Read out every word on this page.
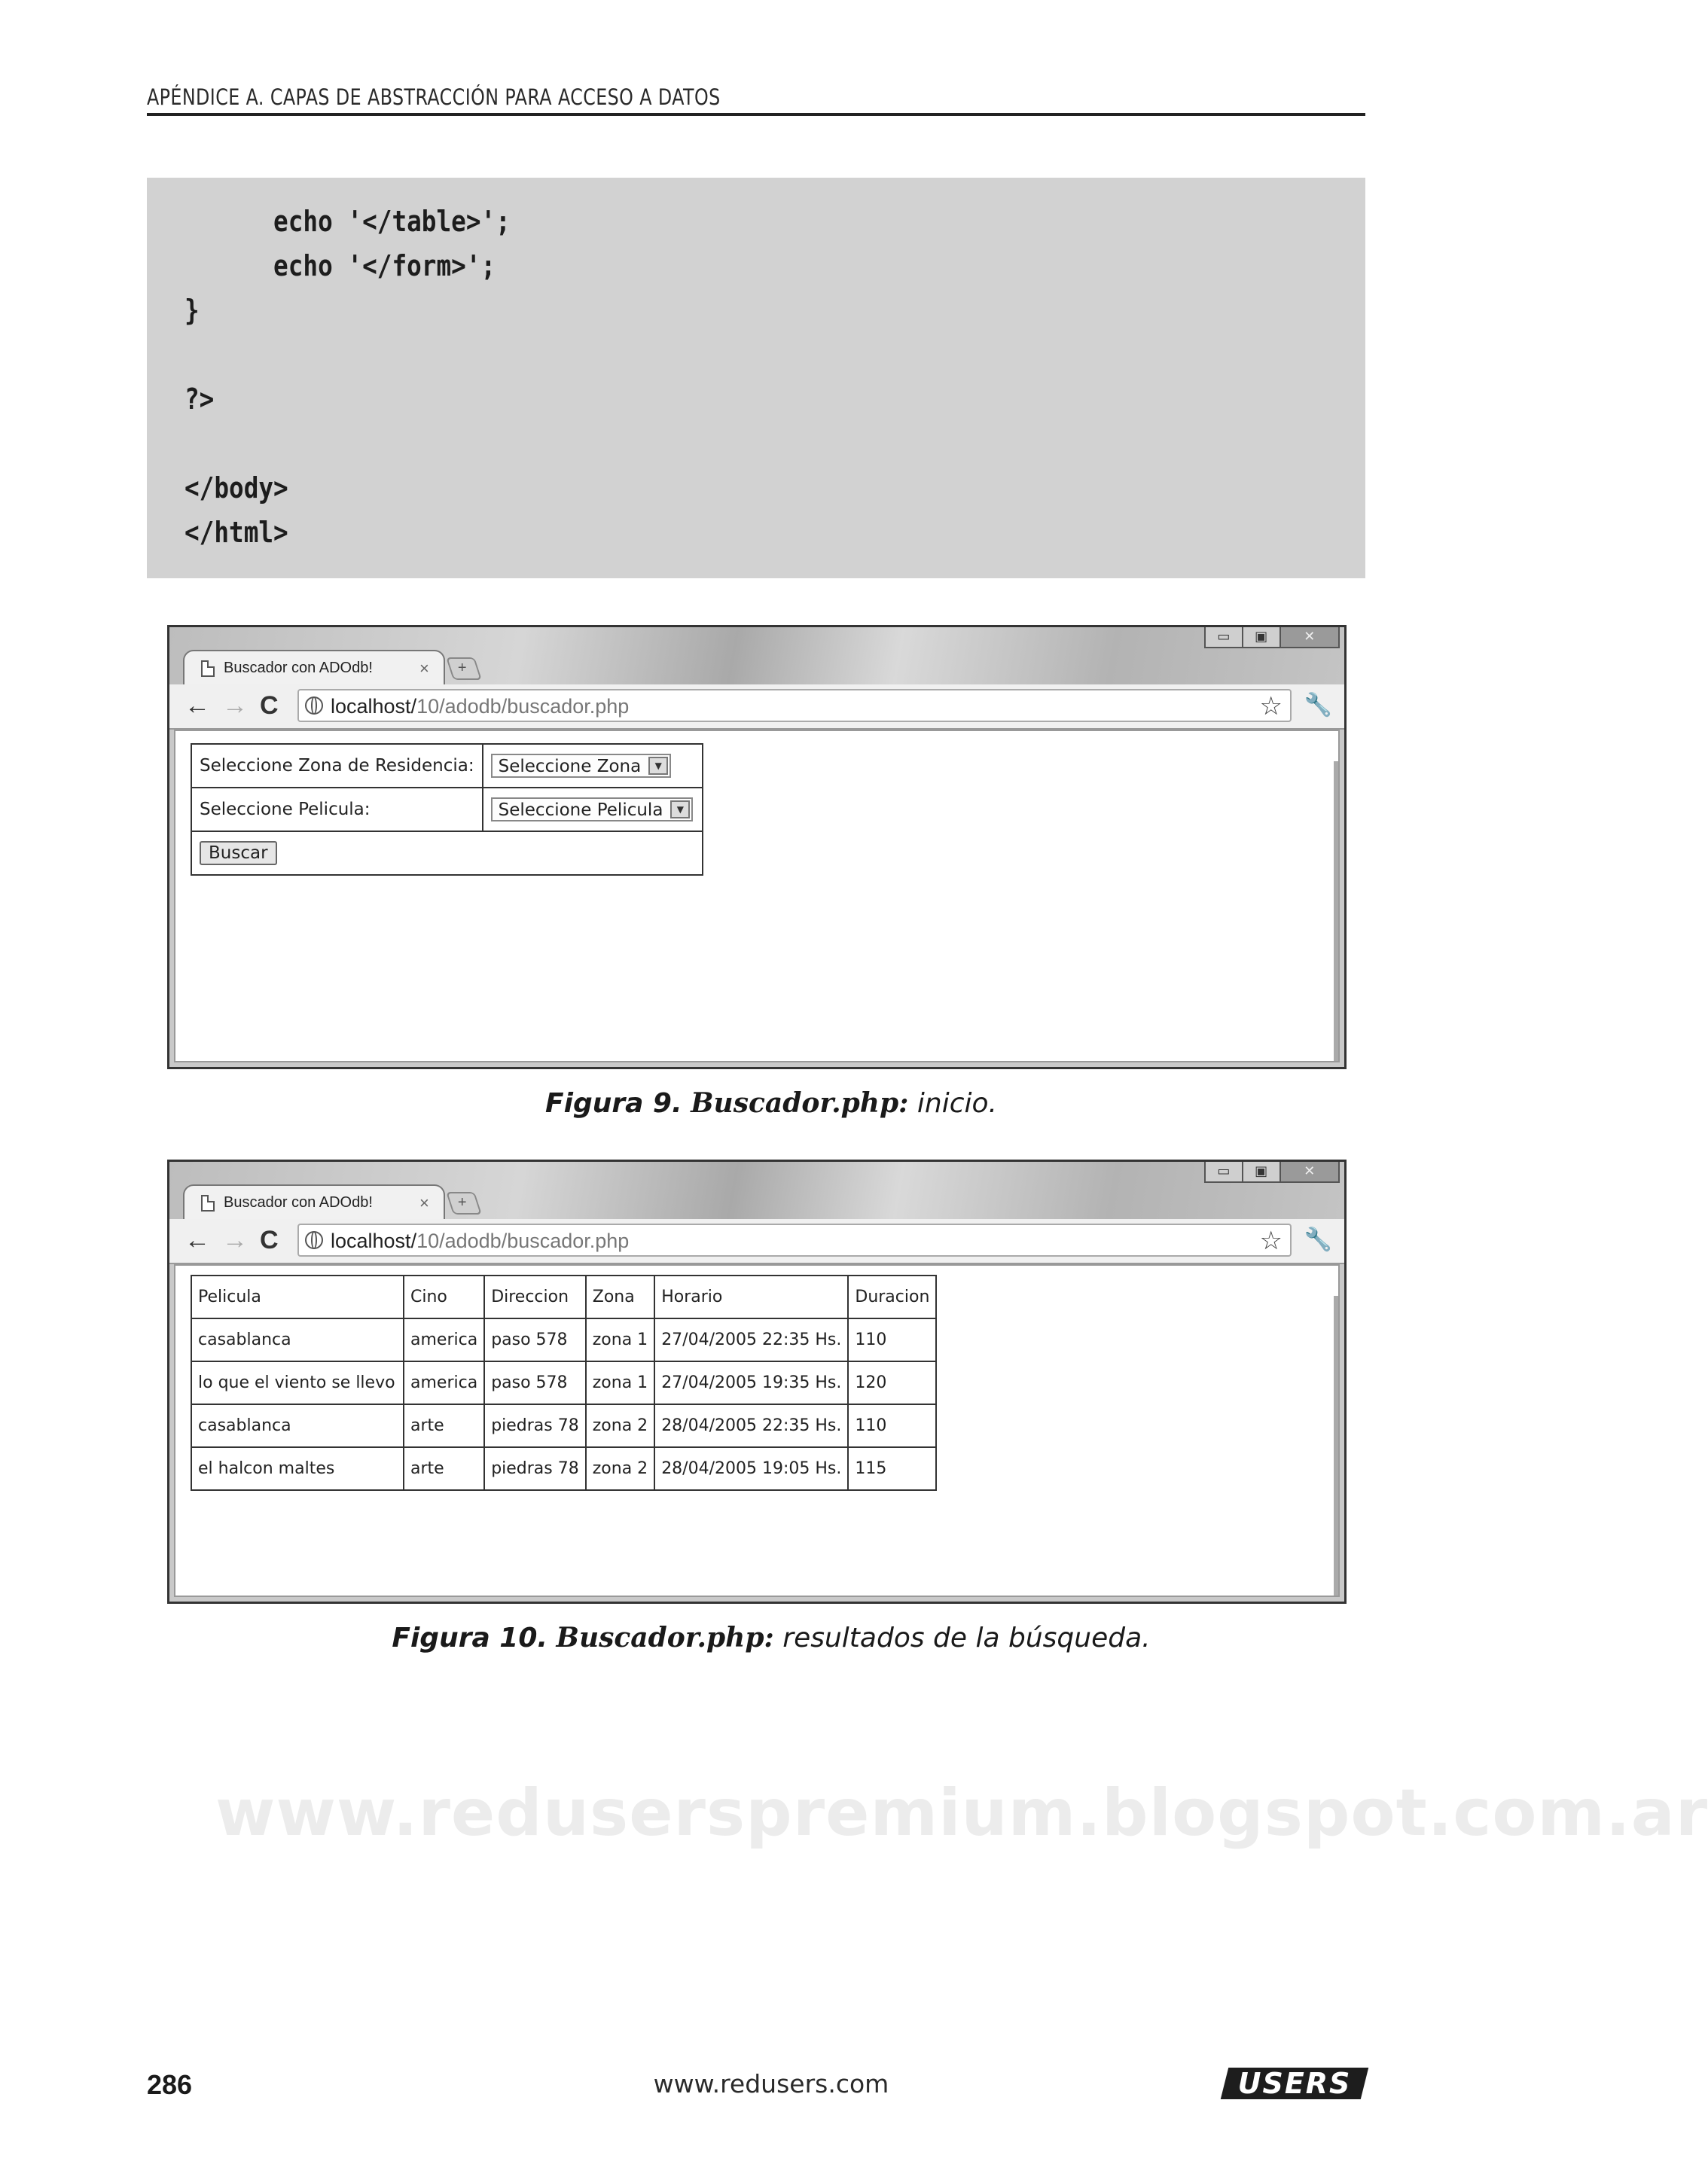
APÉNDICE A. CAPAS DE ABSTRACCIÓN PARA ACCESO A DATOS
echo '</table>';
echo '</form>';
}
?>
</body>
</html>
Buscador con ADOdb!	× +
▭	▣	✕
← → C	localhost/10/adodb/buscador.php	☆ 🔧
Seleccione Zona de Residencia:	Seleccione Zona ▼

Seleccione Pelicula:	Seleccione Pelicula ▼

Buscar	
Figura 9. Buscador.php: inicio.
Buscador con ADOdb!	× +
▭	▣	✕
← → C	localhost/10/adodb/buscador.php	☆ 🔧
Pelicula	Cino	Direccion	Zona	Horario	Duracion
casablanca	america	paso 578	zona 1	27/04/2005 22:35 Hs.	110
lo que el viento se llevo	america	paso 578	zona 1	27/04/2005 19:35 Hs.	120
casablanca	arte	piedras 78	zona 2	28/04/2005 22:35 Hs.	110
el halcon maltes	arte	piedras 78	zona 2	28/04/2005 19:05 Hs.	115
Figura 10. Buscador.php: resultados de la búsqueda.
www.reduserspremium.blogspot.com.ar
286	www.redusers.com	USERS
